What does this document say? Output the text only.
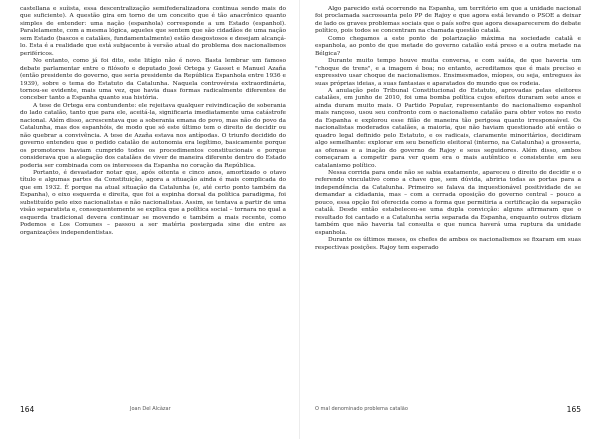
castellana e suíista, essa descentralização semifederalizadora continua sendo mais do que suficiente). A questão gira em torno de um conceito que é tão anacrônico quanto simples de entender: uma nação (espanhola) corresponde a um Estado (espanhol). Paralelamente, com a mesma lógica, aqueles que sentem que são cidadãos de uma nação sem Estado (bascos e catalães, fundamentalmente) estão desgostosos e desejam alcançá-lo. Esta é a realidade que está subjacente à versão atual do problema dos nacionalismos periféricos.

No entanto, como já foi dito, este litígio não é novo. Basta lembrar um famoso debate parlamentar entre o filósofo e deputado José Ortega y Gasset e Manuel Azaña (então presidente do governo, que seria presidente da República Espanhola entre 1936 e 1939), sobre o tema do Estatuto da Catalunha. Naquela controvérsia extraordinária, tornou-se evidente, mais uma vez, que havia duas formas radicalmente diferentes de conceber tanto a Espanha quanto sua história.

A tese de Ortega era contundente: ele rejeitava qualquer reivindicação de soberania do lado catalão, tanto que para ele, aceitá-la, significaria imediatamente uma catástrofe nacional. Além disso, acrescentava que a soberania emana do povo, mas não do povo da Catalunha, mas dos espanhóis, de modo que só este último tem o direito de decidir ou não quebrar a convivência. A tese de Azaña estava nos antípodas. O triunfo decidido do governo entendeu que o pedido catalão de autonomia era legítimo, basicamente porque os promotores haviam cumprido todos os procedimentos constitucionais e porque considerava que a alegação dos catalães de viver de maneira diferente dentro do Estado poderia ser combinada com os interesses da Espanha no coração da República.

Portanto, é devastador notar que, após oitenta e cinco anos, amortizado o otavo título e algumas partes da Constituição, agora a situação ainda é mais complicada do que em 1932. É porque na atual situação da Catalunha (e, até certo ponto também da Espanha), o eixo esquerda e direita, que foi a espinha dorsal da política paradigma, foi substituído pelo eixo nacionalistas e não nacionalistas. Assim, se tentava a partir de uma visão separatista e, consequentemente se explica que a política social – tornara no qual a esquerda tradicional devera continuar se movendo e também a mais recente, como Podemos e Los Comunes – passou a ser matéria postergada sine die entre as organizações independentistas.

Algo parecido está ocorrendo na Espanha, um território em que a unidade nacional foi proclamada sacrossanta pelo PP de Rajoy e que agora está levando o PSOE a deixar de lado os graves problemas sociais que o país sofre que agora desaparecerem do debate político, pois todos se concentram na chamada questão catalã.

Como chegamos a este ponto de polarização máxima na sociedade catalã e espanhola, ao ponto de que metade do governo catalão está preso e a outra metade na Bélgica?

Durante muito tempo houve muita conversa, e com saída, de que haveria um "choque de trens", e a imagem é boa; no entanto, acreditamos que é mais preciso e expressivo usar choque de nacionalismos. Ensimesmados, míopes, ou seja, entregues às suas próprias ideias, a suas fantasias e aparatados do mundo que os rodeia.

A anulação pelo Tribunal Constitucional do Estatuto, aprovadas pelas eleitores catalães, em junho de 2010, foi uma bomba política cujos efeitos duraram sete anos e ainda duram muito mais. O Partido Popular, representante do nacionalismo espanhol mais rançoso, usou seu confronto com o nacionalismo catalão para obter votos no resto da Espanha e explorou esse filão de maneira tão perigosa quanto irresponsável. Os nacionalistas moderados catalães, a maioria, que não haviam questionado até então o quadro legal definido pelo Estatuto, e os radicais, claramente minoritários, decidiram algo semelhante: explorar em seu benefício eleitoral (interno, na Catalunha) a grosseria, as ofensas e a inação do governo de Rajoy e seus seguidores. Além disso, ambos começaram a competir para ver quem era o mais autêntico e consistente em seu catalanismo político.

Nessa corrida para onde não se sabia exatamente, apareceu o direito de decidir e o referendo vinculativo como a chave que, sem dúvida, abriria todas as portas para a independência da Catalunha. Primeiro se falava da inquestionável positividade de se demandar a cidadania, mas – com a cerrada oposição do governo central – pouco a pouco, essa opção foi oferecida como a forma que permitiria a certificação da separação catalã. Desde então estabeleceu-se uma dupla convicção: alguns afirmaram que o resultado foi cantado e a Catalunha seria separada da Espanha, enquanto outros diziam também que não haveria tal consulta e que nunca haverá uma ruptura da unidade espanhola.

Durante os últimos meses, os chefes de ambos os nacionalismos se fixaram em suas respectivas posições. Rajoy tem esperado

164	Joan Del Alcàzar	O mal denominado problema catalão	165
